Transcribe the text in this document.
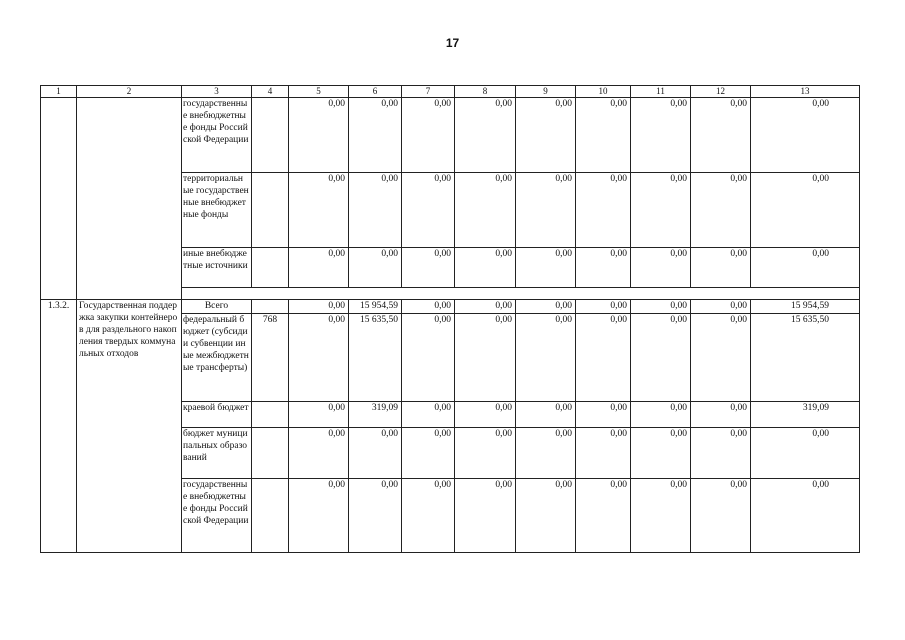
17
1	2	3	4	5	6	7	8	9	10	11	12	13
		государственные внебюджетные фонды Российской Федерации		0,00	0,00	0,00	0,00	0,00	0,00	0,00	0,00	0,00
		территориальные государственные внебюджетные фонды		0,00	0,00	0,00	0,00	0,00	0,00	0,00	0,00	0,00
		иные внебюджетные источники		0,00	0,00	0,00	0,00	0,00	0,00	0,00	0,00	0,00

1.3.2.	Государственная поддержка закупки контейнеров для раздельного накопления твердых коммунальных отходов	Всего		0,00	15 954,59	0,00	0,00	0,00	0,00	0,00	0,00	15 954,59
		федеральный бюджет (субсидии субвенции иные межбюджетные трансферты)	768	0,00	15 635,50	0,00	0,00	0,00	0,00	0,00	0,00	15 635,50
		краевой бюджет		0,00	319,09	0,00	0,00	0,00	0,00	0,00	0,00	319,09
		бюджет муниципальных образований		0,00	0,00	0,00	0,00	0,00	0,00	0,00	0,00	0,00
		государственные внебюджетные фонды Российской Федерации		0,00	0,00	0,00	0,00	0,00	0,00	0,00	0,00	0,00
